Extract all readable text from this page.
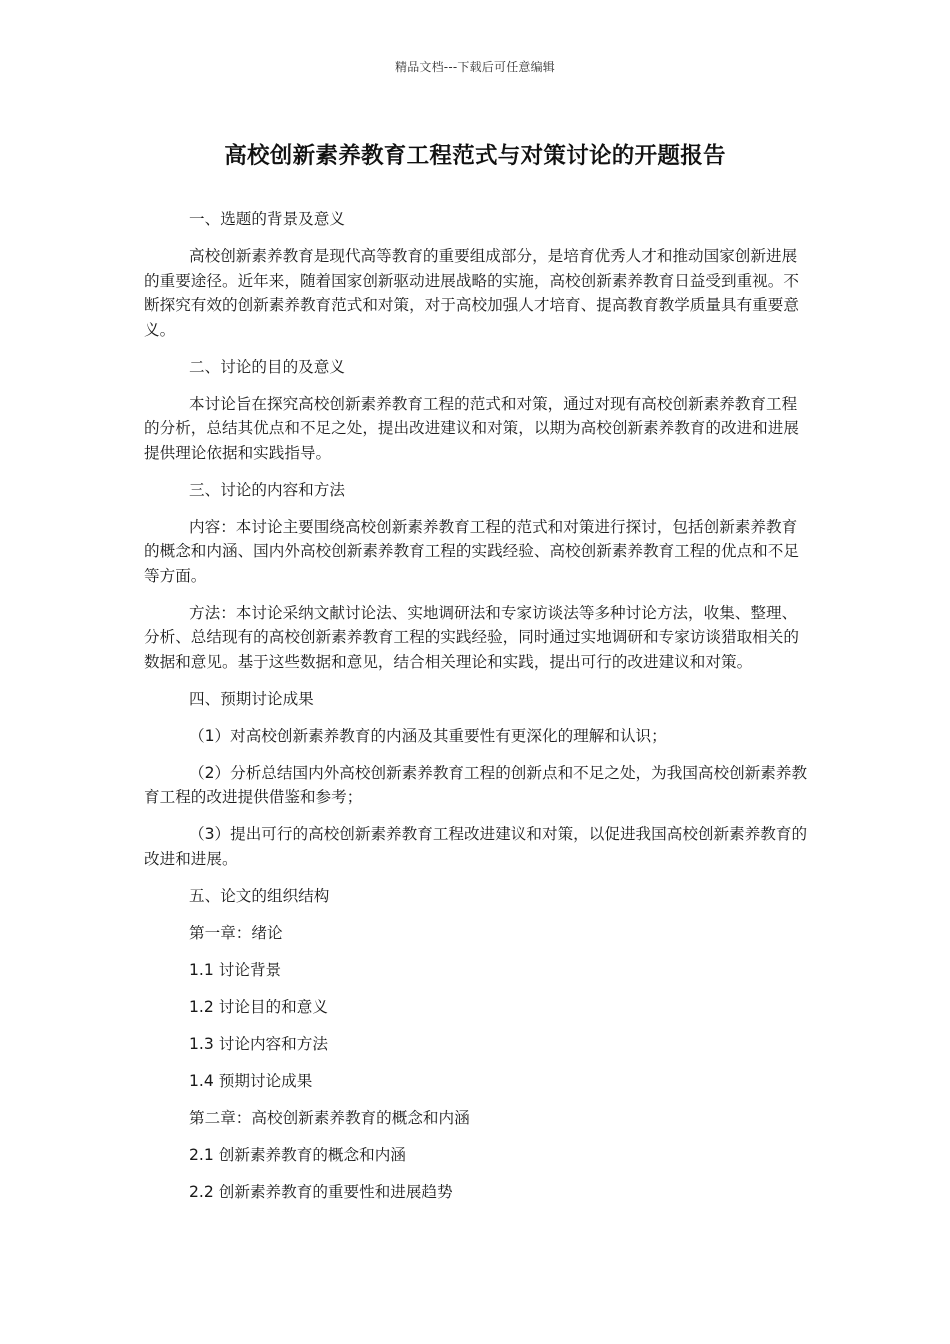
精品文档---下载后可任意编辑
高校创新素养教育工程范式与对策讨论的开题报告

一、选题的背景及意义

高校创新素养教育是现代高等教育的重要组成部分，是培育优秀人才和推动国家创新进展的重要途径。近年来，随着国家创新驱动进展战略的实施，高校创新素养教育日益受到重视。不断探究有效的创新素养教育范式和对策，对于高校加强人才培育、提高教育教学质量具有重要意义。

二、讨论的目的及意义

本讨论旨在探究高校创新素养教育工程的范式和对策，通过对现有高校创新素养教育工程的分析，总结其优点和不足之处，提出改进建议和对策，以期为高校创新素养教育的改进和进展提供理论依据和实践指导。

三、讨论的内容和方法

内容：本讨论主要围绕高校创新素养教育工程的范式和对策进行探讨，包括创新素养教育的概念和内涵、国内外高校创新素养教育工程的实践经验、高校创新素养教育工程的优点和不足等方面。

方法：本讨论采纳文献讨论法、实地调研法和专家访谈法等多种讨论方法，收集、整理、分析、总结现有的高校创新素养教育工程的实践经验，同时通过实地调研和专家访谈猎取相关的数据和意见。基于这些数据和意见，结合相关理论和实践，提出可行的改进建议和对策。

四、预期讨论成果

（1）对高校创新素养教育的内涵及其重要性有更深化的理解和认识；

（2）分析总结国内外高校创新素养教育工程的创新点和不足之处，为我国高校创新素养教育工程的改进提供借鉴和参考；

（3）提出可行的高校创新素养教育工程改进建议和对策，以促进我国高校创新素养教育的改进和进展。

五、论文的组织结构

第一章：绪论

1.1 讨论背景

1.2 讨论目的和意义

1.3 讨论内容和方法

1.4 预期讨论成果

第二章：高校创新素养教育的概念和内涵

2.1 创新素养教育的概念和内涵

2.2 创新素养教育的重要性和进展趋势
